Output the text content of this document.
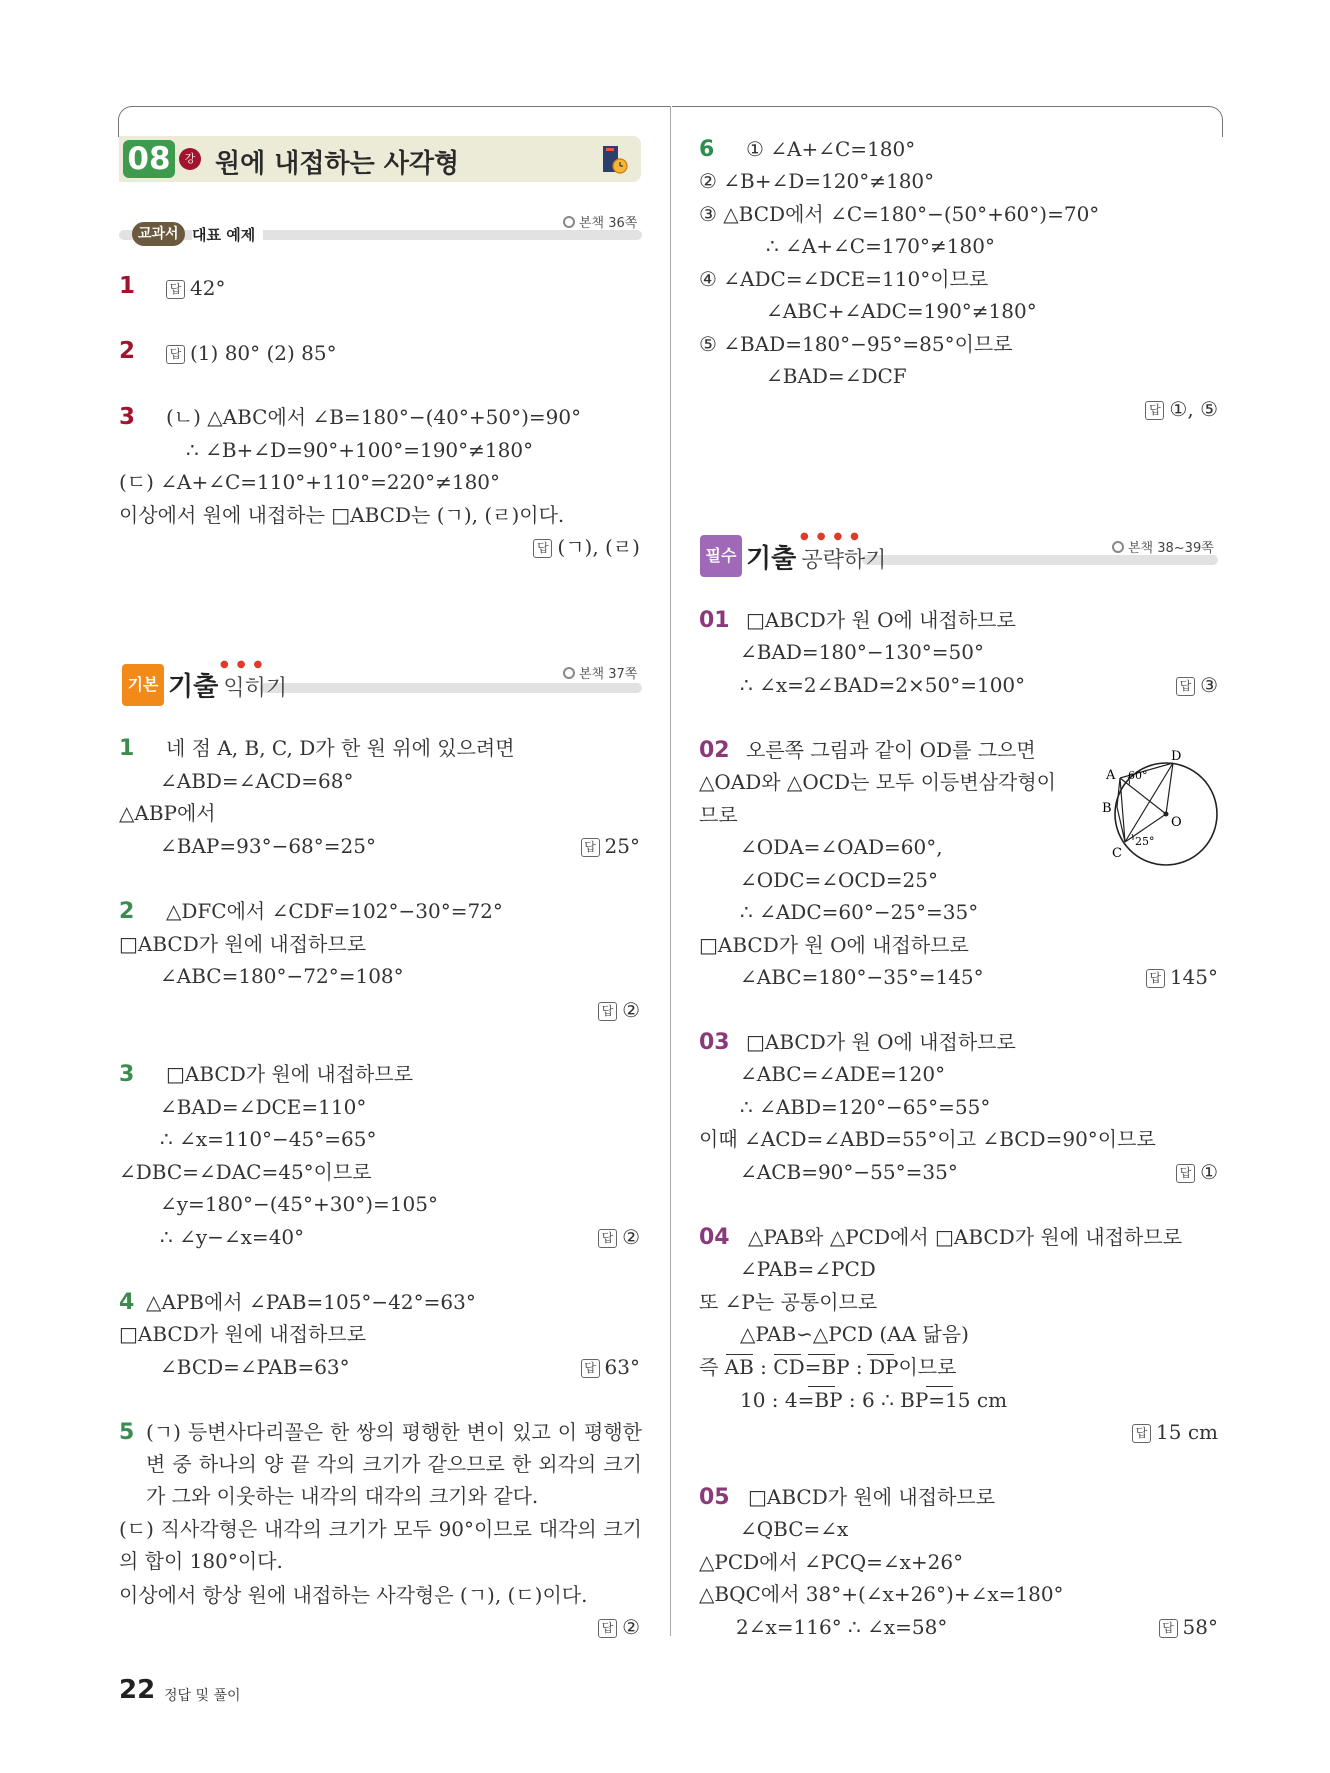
08	강 원에 내접하는 사각형
교과서 대표 예제
본책 36쪽
1	답 42°
2	답 (1) 80° (2) 85°
3 (ㄴ) △ABC에서 ∠B=180°−(40°+50°)=90°
∴ ∠B+∠D=90°+100°=190°≠180°
(ㄷ) ∠A+∠C=110°+110°=220°≠180°
이상에서 원에 내접하는 □ABCD는 (ㄱ), (ㄹ)이다.
답 (ㄱ), (ㄹ)
기본 기출 익히기
●●●
본책 37쪽
1 네 점 A, B, C, D가 한 원 위에 있으려면
∠ABD=∠ACD=68°
△ABP에서
∠BAP=93°−68°=25°	답 25°
2 △DFC에서 ∠CDF=102°−30°=72°
□ABCD가 원에 내접하므로
∠ABC=180°−72°=108°
답 ②
3 □ABCD가 원에 내접하므로
∠BAD=∠DCE=110°
∴ ∠x=110°−45°=65°
∠DBC=∠DAC=45°이므로
∠y=180°−(45°+30°)=105°
∴ ∠y−∠x=40°	답 ②
4 △APB에서 ∠PAB=105°−42°=63°
□ABCD가 원에 내접하므로
∠BCD=∠PAB=63°	답 63°
5 (ㄱ) 등변사다리꼴은 한 쌍의 평행한 변이 있고 이 평행한 변 중 하나의 양 끝 각의 크기가 같으므로 한 외각의 크기가 그와 이웃하는 내각의 대각의 크기와 같다.
(ㄷ) 직사각형은 내각의 크기가 모두 90°이므로 대각의 크기의 합이 180°이다.
이상에서 항상 원에 내접하는 사각형은 (ㄱ), (ㄷ)이다.
답 ②
6 ① ∠A+∠C=180°
② ∠B+∠D=120°≠180°
③ △BCD에서 ∠C=180°−(50°+60°)=70°
∴ ∠A+∠C=170°≠180°
④ ∠ADC=∠DCE=110°이므로
∠ABC+∠ADC=190°≠180°
⑤ ∠BAD=180°−95°=85°이므로
∠BAD=∠DCF
답 ①, ⑤
필수 기출 공략하기
●●●●
본책 38~39쪽
01 □ABCD가 원 O에 내접하므로
∠BAD=180°−130°=50°
∴ ∠x=2∠BAD=2×50°=100°	답 ③
02 오른쪽 그림과 같이 OD를 그으면
△OAD와 △OCD는 모두 이등변삼각형이
므로
∠ODA=∠OAD=60°,
∠ODC=∠OCD=25°
∴ ∠ADC=60°−25°=35°
□ABCD가 원 O에 내접하므로
∠ABC=180°−35°=145°	답 145°
A
B
C
D
O
60°
25°
03 □ABCD가 원 O에 내접하므로
∠ABC=∠ADE=120°
∴ ∠ABD=120°−65°=55°
이때 ∠ACD=∠ABD=55°이고 ∠BCD=90°이므로
∠ACB=90°−55°=35°	답 ①
04 △PAB와 △PCD에서 □ABCD가 원에 내접하므로
∠PAB=∠PCD
또 ∠P는 공통이므로
△PAB∽△PCD (AA 닮음)
즉 AB : CD=BP : DP이므로
10 : 4=BP : 6 ∴ BP=15 cm
답 15 cm
05 □ABCD가 원에 내접하므로
∠QBC=∠x
△PCD에서 ∠PCQ=∠x+26°
△BQC에서 38°+(∠x+26°)+∠x=180°
2∠x=116° ∴ ∠x=58°	답 58°
22 정답 및 풀이
